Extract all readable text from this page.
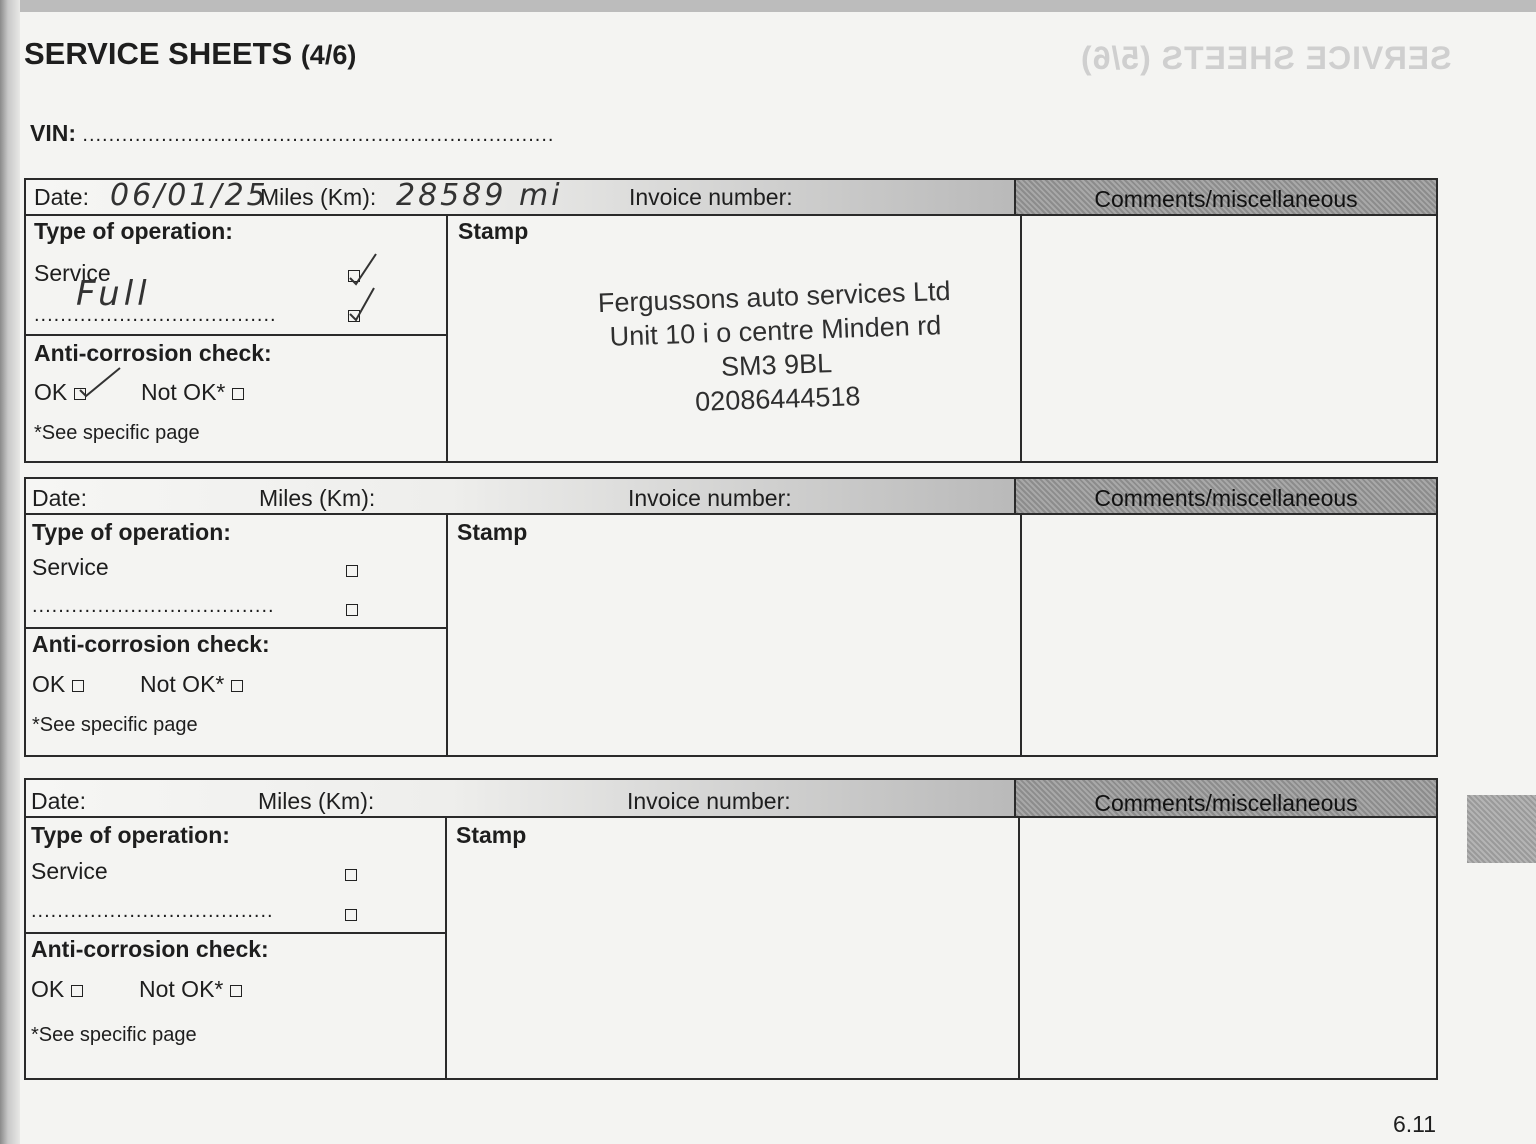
SERVICE SHEETS (5/6)
SERVICE SHEETS (4/6)
VIN: ........................................................................
Date: 06/01/25
Miles (Km): 28589 mi	Invoice number:	Comments/miscellaneous
Type of operation:
Service
.....................................
Full
Anti-corrosion check:
OK	Not OK*
*See specific page
Stamp
Fergussons auto services Ltd
Unit 10 i o centre Minden rd
SM3 9BL
02086444518
Date:	Miles (Km):	Invoice number:	Comments/miscellaneous
Type of operation:
Service
.....................................
Anti-corrosion check:
OK	Not OK*
*See specific page
Stamp
Date:	Miles (Km):	Invoice number:	Comments/miscellaneous
Type of operation:
Service
.....................................
Anti-corrosion check:
OK	Not OK*
*See specific page
Stamp
6.11
